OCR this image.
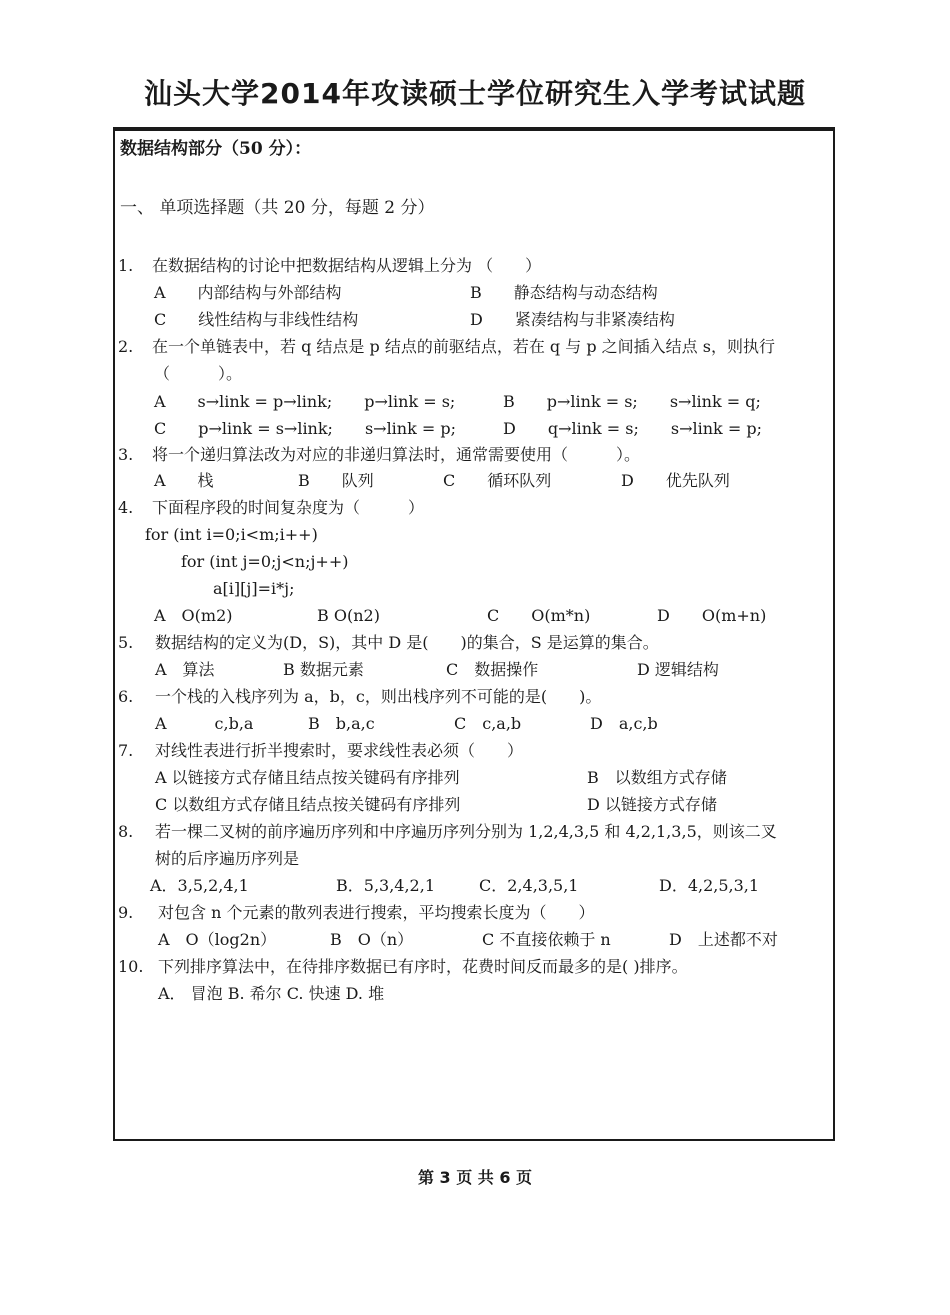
汕头大学2014年攻读硕士学位研究生入学考试试题
数据结构部分（50 分）：
一、 单项选择题（共 20 分，每题 2 分）
1. 在数据结构的讨论中把数据结构从逻辑上分为 （　　）
A　　内部结构与外部结构	B　　静态结构与动态结构
C　　线性结构与非线性结构	D　　紧凑结构与非紧凑结构
2. 在一个单链表中，若 q 结点是 p 结点的前驱结点，若在 q 与 p 之间插入结点 s，则执行
（　　　）。
A　　s→link = p→link;　　p→link = s;	B　　p→link = s;　　s→link = q;
C　　p→link = s→link;　　s→link = p;	D　　q→link = s;　　s→link = p;
3. 将一个递归算法改为对应的非递归算法时，通常需要使用（　　　）。
A　　栈	B　　队列	C　　循环队列	D　　优先队列
4. 下面程序段的时间复杂度为（　　　）
for (int i=0;i<m;i++)
for (int j=0;j<n;j++)
a[i][j]=i*j;
A　O(m2)	B O(n2)	C　　O(m*n)	D　　O(m+n)
5. 数据结构的定义为(D，S)，其中 D 是(　　)的集合，S 是运算的集合。
A　算法	B 数据元素	C　数据操作	D 逻辑结构
6. 一个栈的入栈序列为 a，b，c，则出栈序列不可能的是(　　)。
A　　　c,b,a	B　b,a,c	C　c,a,b	D　a,c,b
7. 对线性表进行折半搜索时，要求线性表必须（　　）
A 以链接方式存储且结点按关键码有序排列	B　以数组方式存储
C 以数组方式存储且结点按关键码有序排列	D 以链接方式存储
8. 若一棵二叉树的前序遍历序列和中序遍历序列分别为 1,2,4,3,5 和 4,2,1,3,5，则该二叉
树的后序遍历序列是
A．3,5,2,4,1	B．5,3,4,2,1	C．2,4,3,5,1	D．4,2,5,3,1
9. 对包含 n 个元素的散列表进行搜索，平均搜索长度为（　　）
A　O（log2n）	B　O（n）	C 不直接依赖于 n	D　上述都不对
10. 下列排序算法中，在待排序数据已有序时，花费时间反而最多的是( )排序。
A． 冒泡 B. 希尔 C. 快速 D. 堆
第 3 页 共 6 页
